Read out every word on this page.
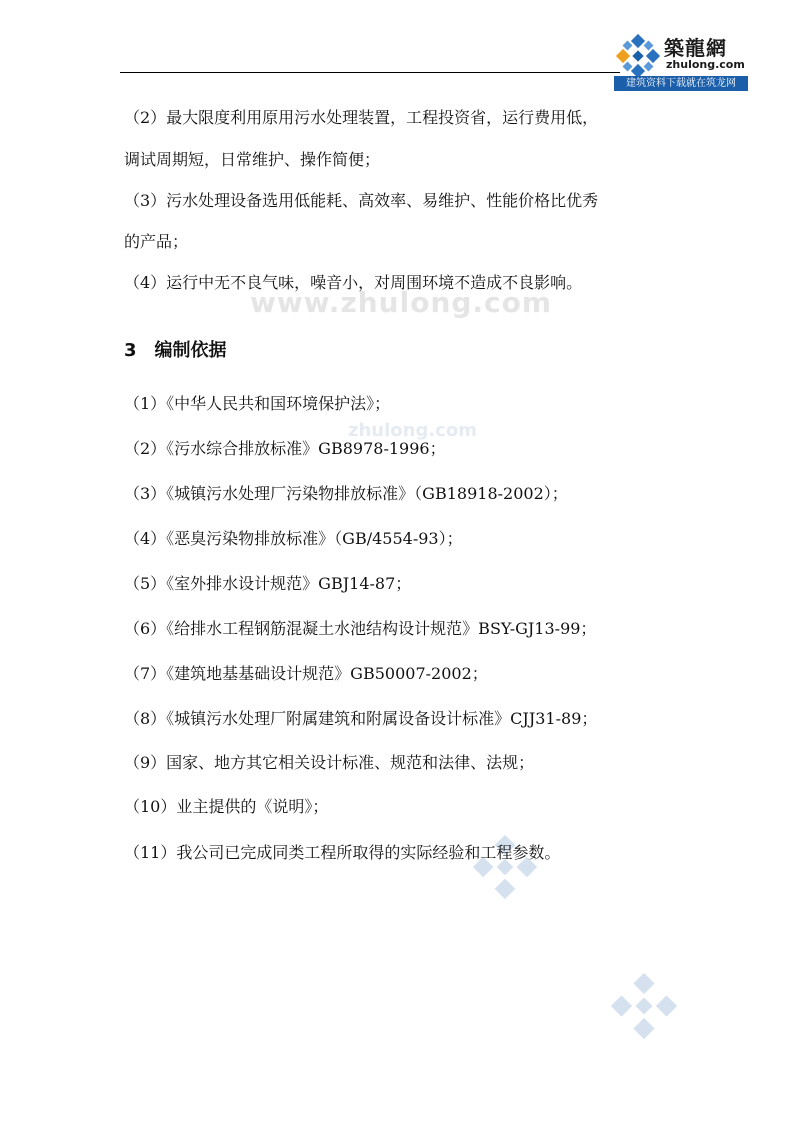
築龍網
zhulong.com
建筑资料下载就在筑龙网
www.zhulong.com
zhulong.com
（2）最大限度利用原用污水处理装置，工程投资省，运行费用低，
调试周期短，日常维护、操作简便；
（3）污水处理设备选用低能耗、高效率、易维护、性能价格比优秀
的产品；
（4）运行中无不良气味，噪音小，对周围环境不造成不良影响。
3　编制依据
（1）《中华人民共和国环境保护法》；
（2）《污水综合排放标准》GB8978-1996；
（3）《城镇污水处理厂污染物排放标准》（GB18918-2002）；
（4）《恶臭污染物排放标准》（GB/4554-93）；
（5）《室外排水设计规范》GBJ14-87；
（6）《给排水工程钢筋混凝土水池结构设计规范》BSY-GJ13-99；
（7）《建筑地基基础设计规范》GB50007-2002；
（8）《城镇污水处理厂附属建筑和附属设备设计标准》CJJ31-89；
（9）国家、地方其它相关设计标准、规范和法律、法规；
（10）业主提供的《说明》；
（11）我公司已完成同类工程所取得的实际经验和工程参数。
